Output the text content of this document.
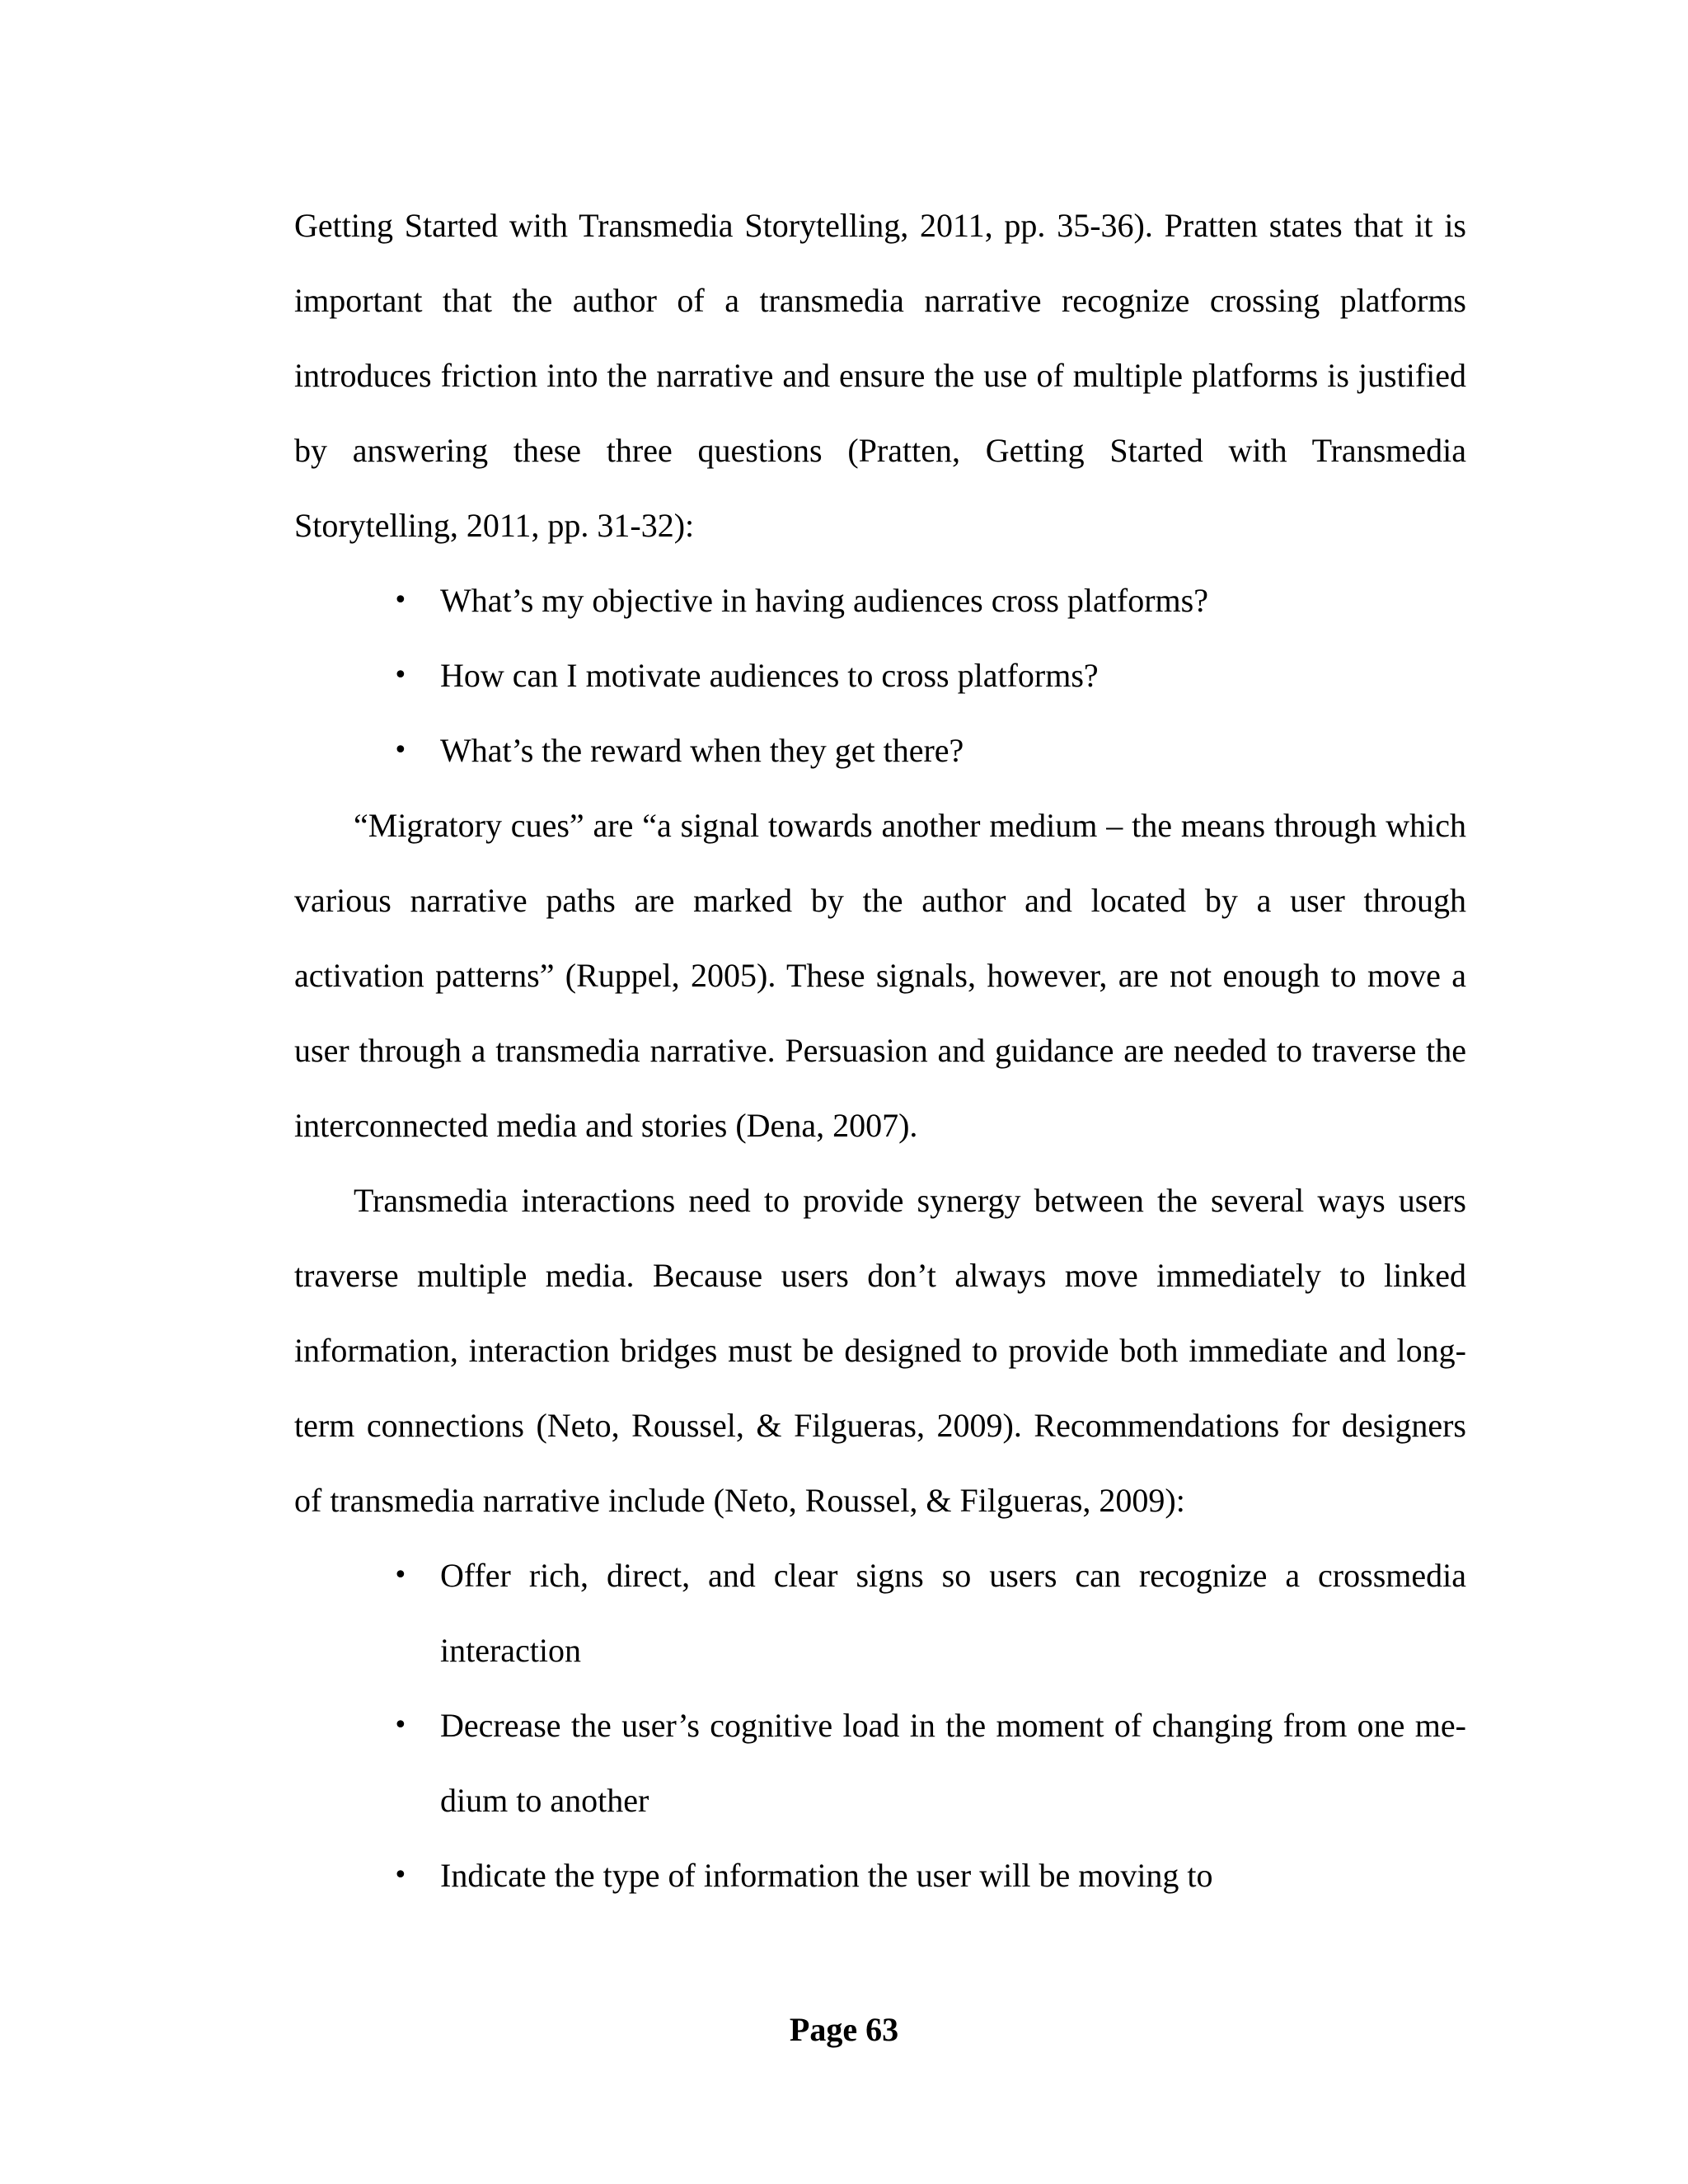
Getting Started with Transmedia Storytelling, 2011, pp. 35-36). Pratten states that it is important that the author of a transmedia narrative recognize crossing platforms introduces friction into the narrative and ensure the use of multiple platforms is justified by answering these three questions (Pratten, Getting Started with Transmedia Storytelling, 2011, pp. 31-32):

• What’s my objective in having audiences cross platforms?
• How can I motivate audiences to cross platforms?
• What’s the reward when they get there?

“Migratory cues” are “a signal towards another medium – the means through which various narrative paths are marked by the author and located by a user through activation patterns” (Ruppel, 2005). These signals, however, are not enough to move a user through a transmedia narrative. Persuasion and guidance are needed to traverse the interconnected media and stories (Dena, 2007).

Transmedia interactions need to provide synergy between the several ways users traverse multiple media. Because users don’t always move immediately to linked information, interaction bridges must be designed to provide both immediate and long-term connections (Neto, Roussel, & Filgueras, 2009). Recommendations for designers of transmedia narrative include (Neto, Roussel, & Filgueras, 2009):

• Offer rich, direct, and clear signs so users can recognize a crossmedia interaction
• Decrease the user’s cognitive load in the moment of changing from one medium to another
• Indicate the type of information the user will be moving to
Page 63
